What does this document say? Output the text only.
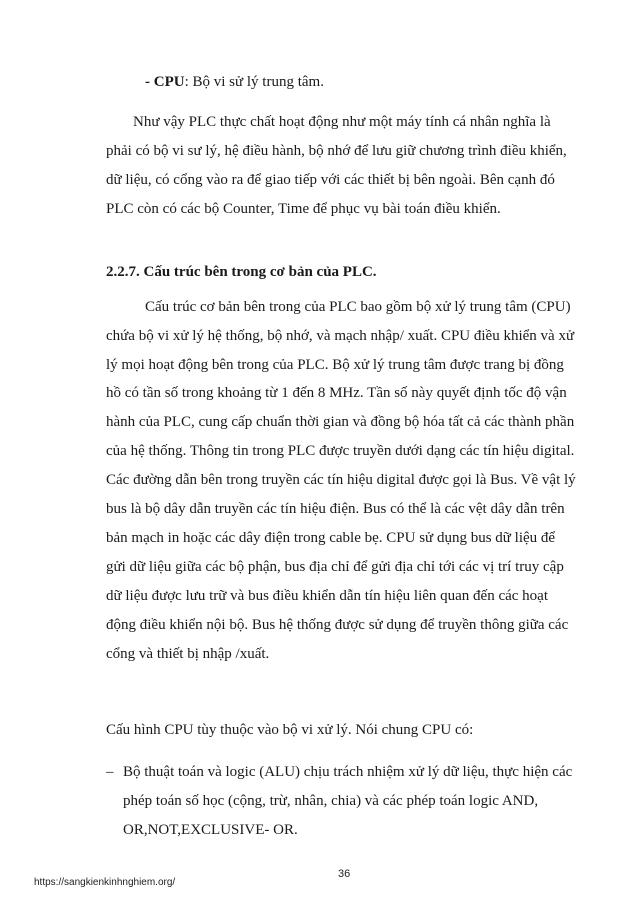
- CPU: Bộ vi sử lý trung tâm.
Như vậy PLC thực chất hoạt động như một máy tính cá nhân nghĩa là
phải có bộ vi sư lý, hệ điều hành, bộ nhớ để lưu giữ chương trình điều khiển,
dữ liệu, có cổng vào ra để giao tiếp với các thiết bị bên ngoài. Bên cạnh đó
PLC còn có các bộ Counter, Time để phục vụ bài toán điều khiển.
2.2.7. Cấu trúc bên trong cơ bản của PLC.
Cấu trúc cơ bản bên trong của PLC bao gồm bộ xử lý trung tâm (CPU)
chứa bộ vi xử lý hệ thống, bộ nhớ, và mạch nhập/ xuất. CPU điều khiển và xử
lý mọi hoạt động bên trong của PLC. Bộ xử lý trung tâm được trang bị đồng
hồ có tần số trong khoảng từ 1 đến 8 MHz. Tần số này quyết định tốc độ vận
hành của PLC, cung cấp chuẩn thời gian và đồng bộ hóa tất cả các thành phần
của hệ thống. Thông tin trong PLC được truyền dưới dạng các tín hiệu digital.
Các đường dẫn bên trong truyền các tín hiệu digital được gọi là Bus. Về vật lý
bus là bộ dây dẫn truyền các tín hiệu điện. Bus có thể là các vệt dây dẫn trên
bản mạch in hoặc các dây điện trong cable bẹ. CPU sử dụng bus dữ liệu để
gửi dữ liệu giữa các bộ phận, bus địa chỉ để gửi địa chỉ tới các vị trí truy cập
dữ liệu được lưu trữ và bus điều khiển dẫn tín hiệu liên quan đến các hoạt
động điều khiển nội bộ. Bus hệ thống được sử dụng để truyền thông giữa các
cổng và thiết bị nhập /xuất.
Cấu hình CPU tùy thuộc vào bộ vi xử lý. Nói chung CPU có:
– Bộ thuật toán và logic (ALU) chịu trách nhiệm xử lý dữ liệu, thực hiện các
phép toán số học (cộng, trừ, nhân, chia) và các phép toán logic AND,
OR,NOT,EXCLUSIVE- OR.
https://sangkienkinhnghiem.org/
36
